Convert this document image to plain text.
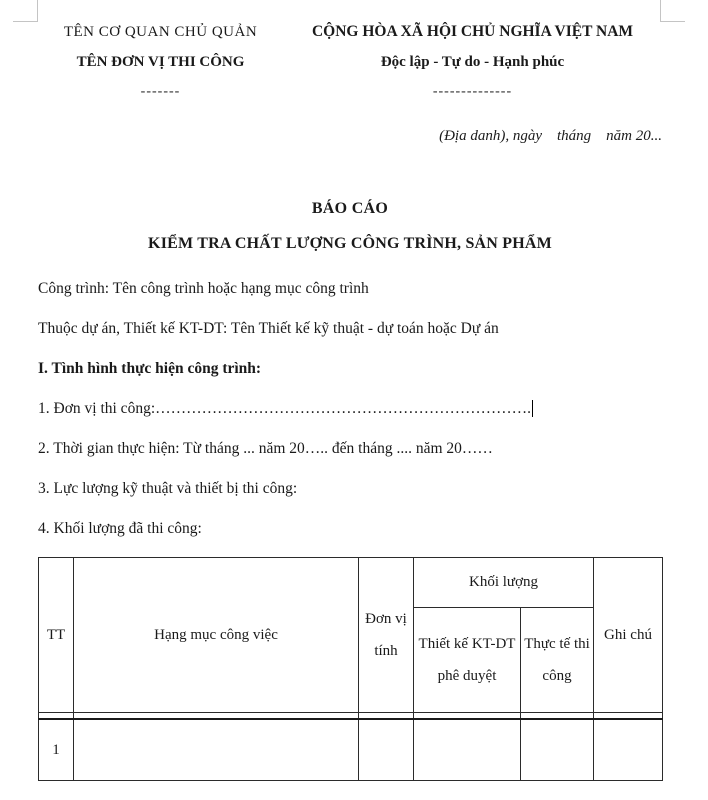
TÊN CƠ QUAN CHỦ QUẢN
TÊN ĐƠN VỊ THI CÔNG
-------
CỘNG HÒA XÃ HỘI CHỦ NGHĨA VIỆT NAM
Độc lập - Tự do - Hạnh phúc
--------------
(Địa danh), ngày    tháng    năm 20...
BÁO CÁO
KIỂM TRA CHẤT LƯỢNG CÔNG TRÌNH, SẢN PHẨM

Công trình: Tên công trình hoặc hạng mục công trình

Thuộc dự án, Thiết kế KT-DT: Tên Thiết kế kỹ thuật - dự toán hoặc Dự án

I. Tình hình thực hiện công trình:

1. Đơn vị thi công:……………………………………………………………….

2. Thời gian thực hiện: Từ tháng ... năm 20….. đến tháng .... năm 20……

3. Lực lượng kỹ thuật và thiết bị thi công:

4. Khối lượng đã thi công:

TT	Hạng mục công việc	Đơn vị tính	Khối lượng		Ghi chú
			Thiết kế KT-DT phê duyệt	Thực tế thi công	

1					
